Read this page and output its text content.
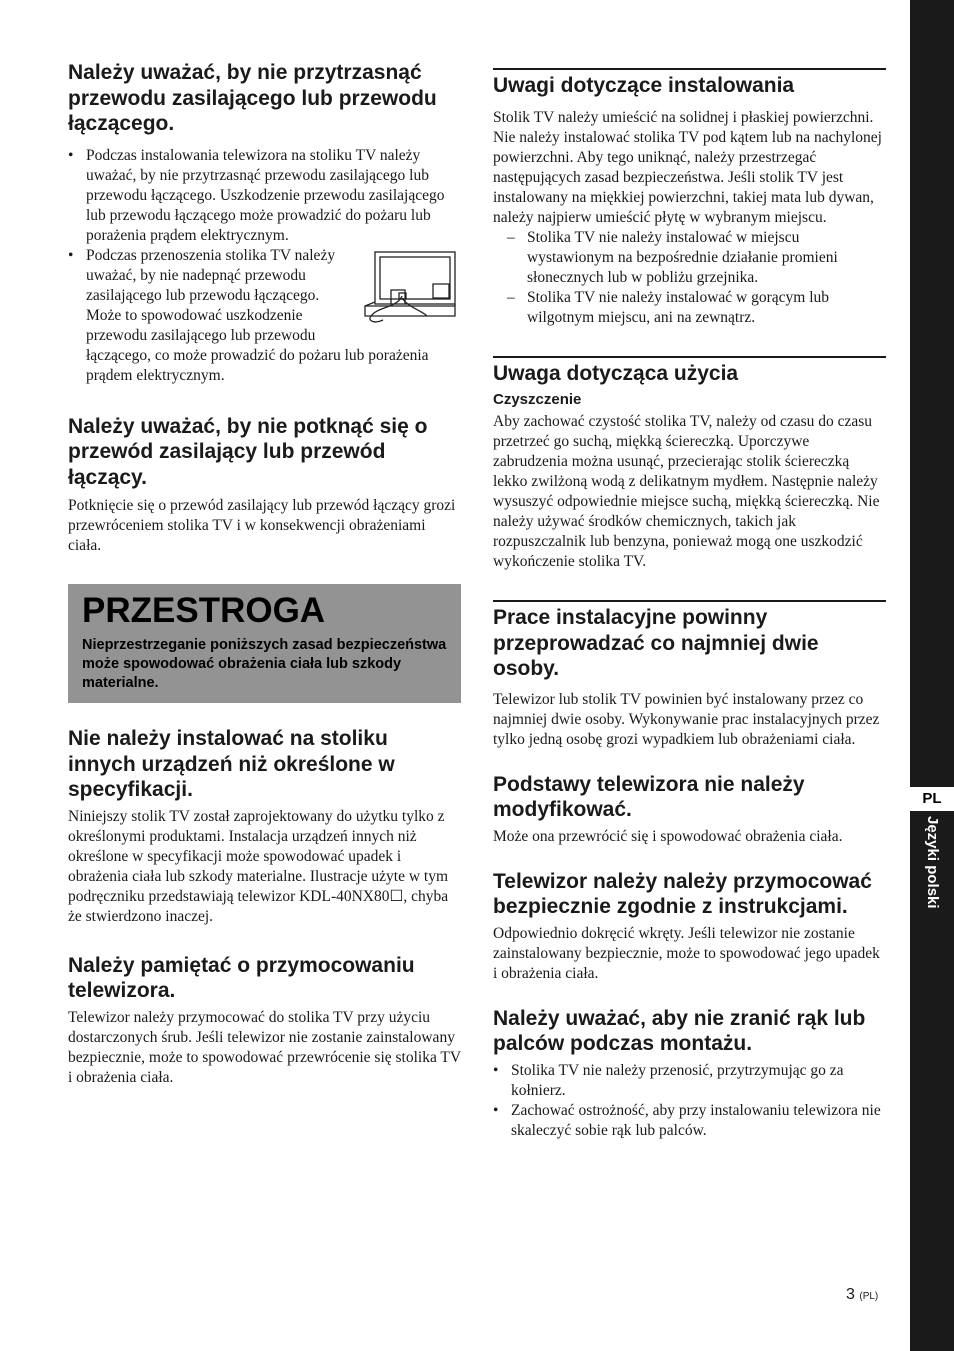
Należy uważać, by nie przytrzasnąć przewodu zasilającego lub przewodu łączącego.
• Podczas instalowania telewizora na stoliku TV należy uważać, by nie przytrzasnąć przewodu zasilającego lub przewodu łączącego. Uszkodzenie przewodu zasilającego lub przewodu łączącego może prowadzić do pożaru lub porażenia prądem elektrycznym.
• Podczas przenoszenia stolika TV należy uważać, by nie nadepnąć przewodu zasilającego lub przewodu łączącego. Może to spowodować uszkodzenie przewodu zasilającego lub przewodu łączącego, co może prowadzić do pożaru lub porażenia prądem elektrycznym.
Należy uważać, by nie potknąć się o przewód zasilający lub przewód łączący.

Potknięcie się o przewód zasilający lub przewód łączący grozi przewróceniem stolika TV i w konsekwencji obrażeniami ciała.

PRZESTROGA

Nieprzestrzeganie poniższych zasad bezpieczeństwa może spowodować obrażenia ciała lub szkody materialne.

Nie należy instalować na stoliku innych urządzeń niż określone w specyfikacji.

Niniejszy stolik TV został zaprojektowany do użytku tylko z określonymi produktami. Instalacja urządzeń innych niż określone w specyfikacji może spowodować upadek i obrażenia ciała lub szkody materialne. Ilustracje użyte w tym podręczniku przedstawiają telewizor KDL-40NX80☐, chyba że stwierdzono inaczej.

Należy pamiętać o przymocowaniu telewizora.

Telewizor należy przymocować do stolika TV przy użyciu dostarczonych śrub. Jeśli telewizor nie zostanie zainstalowany bezpiecznie, może to spowodować przewrócenie się stolika TV i obrażenia ciała.

Uwagi dotyczące instalowania

Stolik TV należy umieścić na solidnej i płaskiej powierzchni. Nie należy instalować stolika TV pod kątem lub na nachylonej powierzchni. Aby tego uniknąć, należy przestrzegać następujących zasad bezpieczeństwa. Jeśli stolik TV jest instalowany na miękkiej powierzchni, takiej mata lub dywan, należy najpierw umieścić płytę w wybranym miejscu.

– Stolika TV nie należy instalować w miejscu wystawionym na bezpośrednie działanie promieni słonecznych lub w pobliżu grzejnika.
– Stolika TV nie należy instalować w gorącym lub wilgotnym miejscu, ani na zewnątrz.
Uwaga dotycząca użycia
Czyszczenie

Aby zachować czystość stolika TV, należy od czasu do czasu przetrzeć go suchą, miękką ściereczką. Uporczywe zabrudzenia można usunąć, przecierając stolik ściereczką lekko zwilżoną wodą z delikatnym mydłem. Następnie należy wysuszyć odpowiednie miejsce suchą, miękką ściereczką. Nie należy używać środków chemicznych, takich jak rozpuszczalnik lub benzyna, ponieważ mogą one uszkodzić wykończenie stolika TV.

Prace instalacyjne powinny przeprowadzać co najmniej dwie osoby.

Telewizor lub stolik TV powinien być instalowany przez co najmniej dwie osoby. Wykonywanie prac instalacyjnych przez tylko jedną osobę grozi wypadkiem lub obrażeniami ciała.

Podstawy telewizora nie należy modyfikować.

Może ona przewrócić się i spowodować obrażenia ciała.

Telewizor należy należy przymocować bezpiecznie zgodnie z instrukcjami.

Odpowiednio dokręcić wkręty. Jeśli telewizor nie zostanie zainstalowany bezpiecznie, może to spowodować jego upadek i obrażenia ciała.

Należy uważać, aby nie zranić rąk lub palców podczas montażu.
• Stolika TV nie należy przenosić, przytrzymując go za kołnierz.
• Zachować ostrożność, aby przy instalowaniu telewizora nie skaleczyć sobie rąk lub palców.
PL
Języki polski
3 (PL)
